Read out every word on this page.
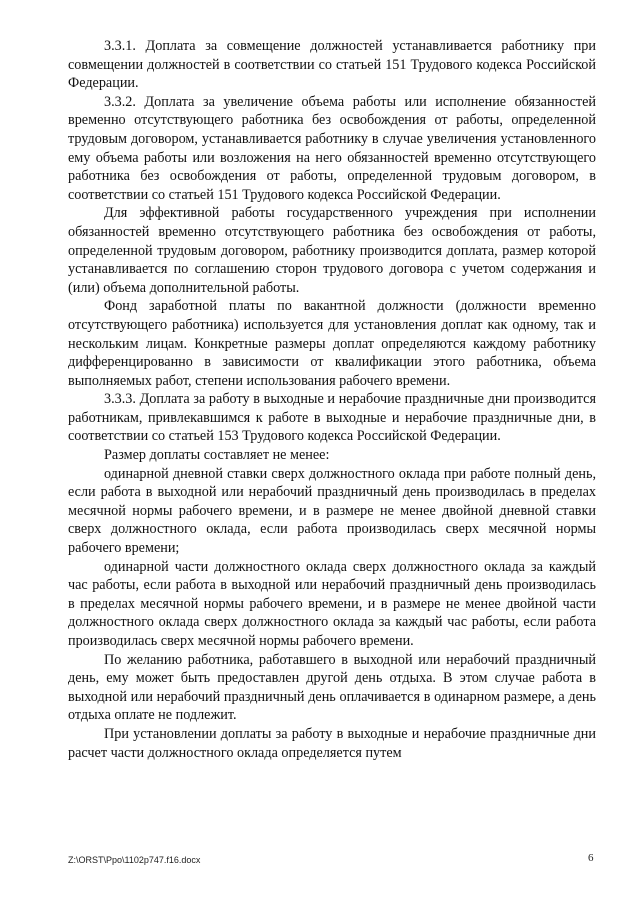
3.3.1. Доплата за совмещение должностей устанавливается работнику при совмещении должностей в соответствии со статьей 151 Трудового кодекса Российской Федерации.

3.3.2. Доплата за увеличение объема работы или исполнение обязанностей временно отсутствующего работника без освобождения от работы, определенной трудовым договором, устанавливается работнику в случае увеличения установленного ему объема работы или возложения на него обязанностей временно отсутствующего работника без освобождения от работы, определенной трудовым договором, в соответствии со статьей 151 Трудового кодекса Российской Федерации.

Для эффективной работы государственного учреждения при исполнении обязанностей временно отсутствующего работника без освобождения от работы, определенной трудовым договором, работнику производится доплата, размер которой устанавливается по соглашению сторон трудового договора с учетом содержания и (или) объема дополнительной работы.

Фонд заработной платы по вакантной должности (должности временно отсутствующего работника) используется для установления доплат как одному, так и нескольким лицам. Конкретные размеры доплат определяются каждому работнику дифференцированно в зависимости от квалификации этого работника, объема выполняемых работ, степени использования рабочего времени.

3.3.3. Доплата за работу в выходные и нерабочие праздничные дни производится работникам, привлекавшимся к работе в выходные и нерабочие праздничные дни, в соответствии со статьей 153 Трудового кодекса Российской Федерации.

Размер доплаты составляет не менее:

одинарной дневной ставки сверх должностного оклада при работе полный день, если работа в выходной или нерабочий праздничный день производилась в пределах месячной нормы рабочего времени, и в размере не менее двойной дневной ставки сверх должностного оклада, если работа производилась сверх месячной нормы рабочего времени;

одинарной части должностного оклада сверх должностного оклада за каждый час работы, если работа в выходной или нерабочий праздничный день производилась в пределах месячной нормы рабочего времени, и в размере не менее двойной части должностного оклада сверх должностного оклада за каждый час работы, если работа производилась сверх месячной нормы рабочего времени.

По желанию работника, работавшего в выходной или нерабочий праздничный день, ему может быть предоставлен другой день отдыха. В этом случае работа в выходной или нерабочий праздничный день оплачивается в одинарном размере, а день отдыха оплате не подлежит.

При установлении доплаты за работу в выходные и нерабочие праздничные дни расчет части должностного оклада определяется путем

Z:\ORST\Ppo\1102p747.f16.docx	6
